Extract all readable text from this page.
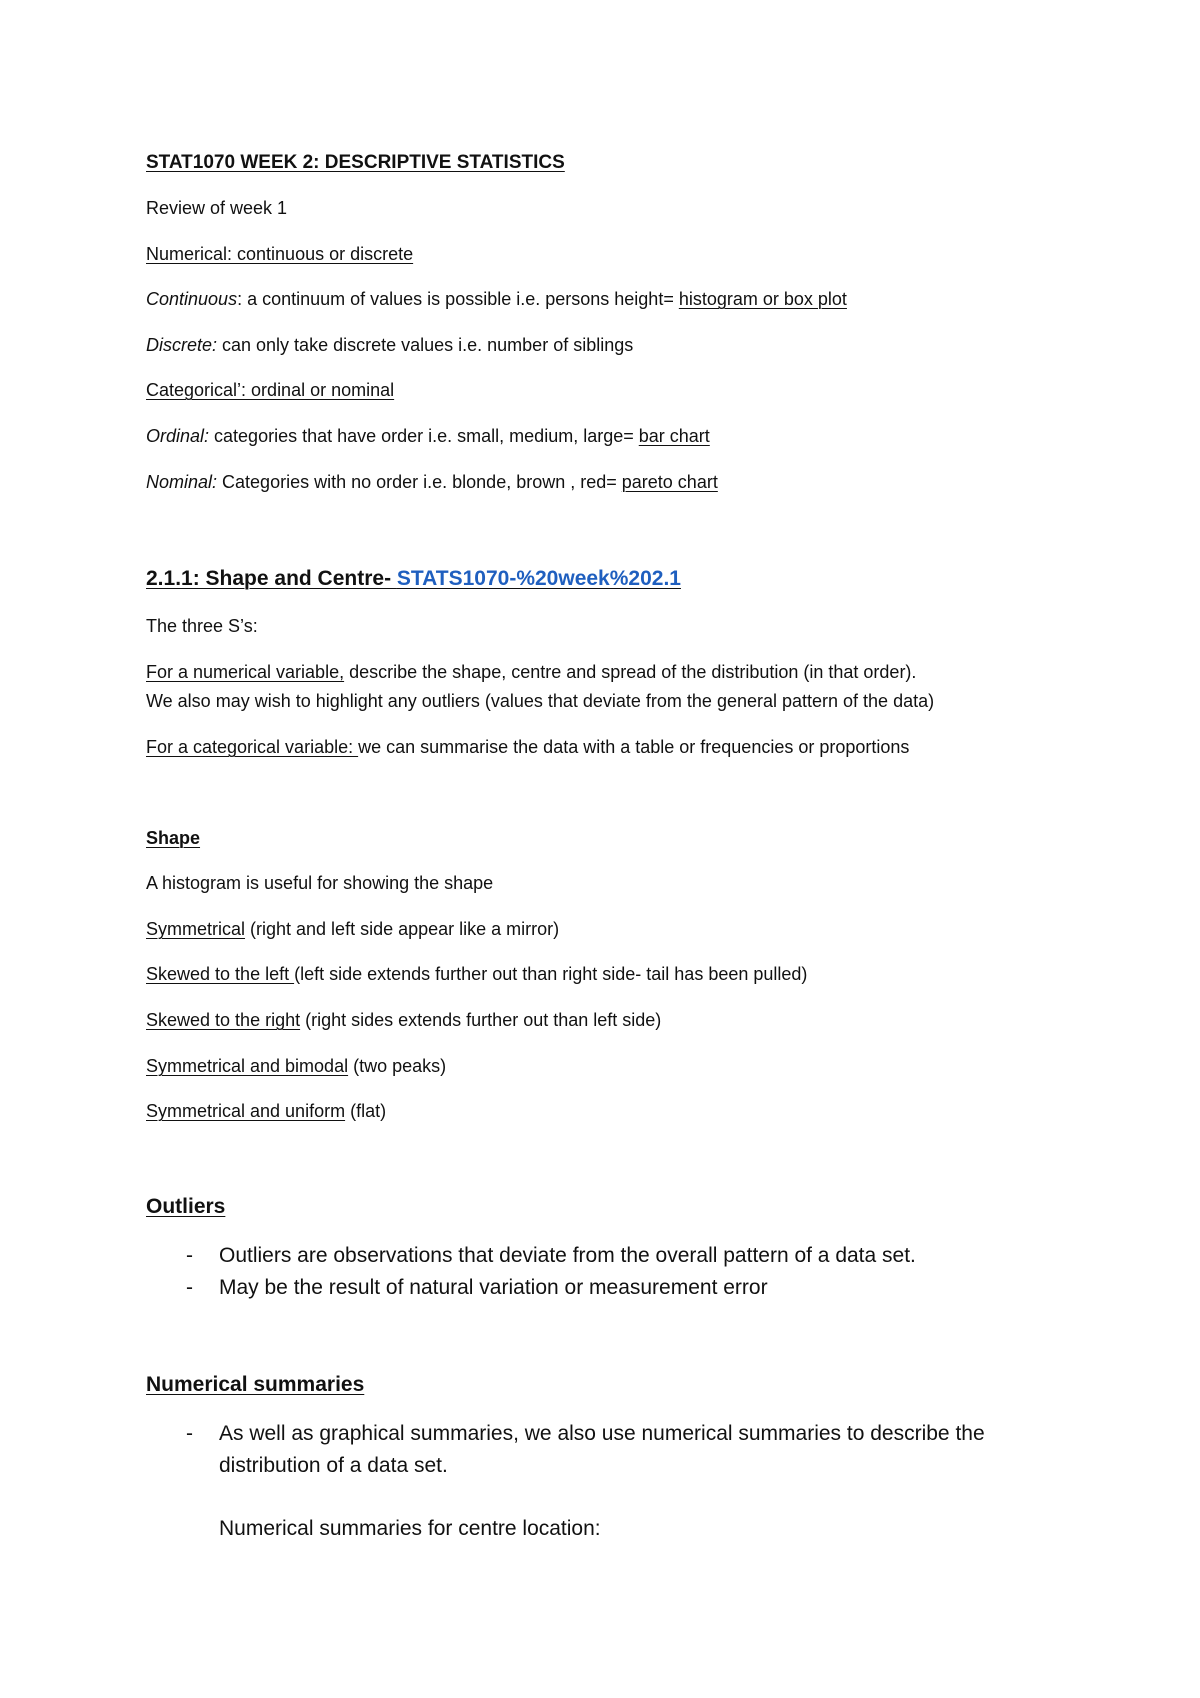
STAT1070 WEEK 2: DESCRIPTIVE STATISTICS

Review of week 1

Numerical: continuous or discrete

Continuous: a continuum of values is possible i.e. persons height= histogram or box plot

Discrete: can only take discrete values i.e. number of siblings

Categorical’: ordinal or nominal

Ordinal: categories that have order i.e. small, medium, large= bar chart

Nominal: Categories with no order i.e. blonde, brown , red= pareto chart

2.1.1: Shape and Centre- STATS1070-%20week%202.1

The three S’s:

For a numerical variable, describe the shape, centre and spread of the distribution (in that order).

We also may wish to highlight any outliers (values that deviate from the general pattern of the data)

For a categorical variable: we can summarise the data with a table or frequencies or proportions

Shape

A histogram is useful for showing the shape

Symmetrical (right and left side appear like a mirror)

Skewed to the left (left side extends further out than right side- tail has been pulled)

Skewed to the right (right sides extends further out than left side)

Symmetrical and bimodal (two peaks)

Symmetrical and uniform (flat)

Outliers

- Outliers are observations that deviate from the overall pattern of a data set.
- May be the result of natural variation or measurement error

Numerical summaries

- As well as graphical summaries, we also use numerical summaries to describe the
distribution of a data set.

Numerical summaries for centre location:
